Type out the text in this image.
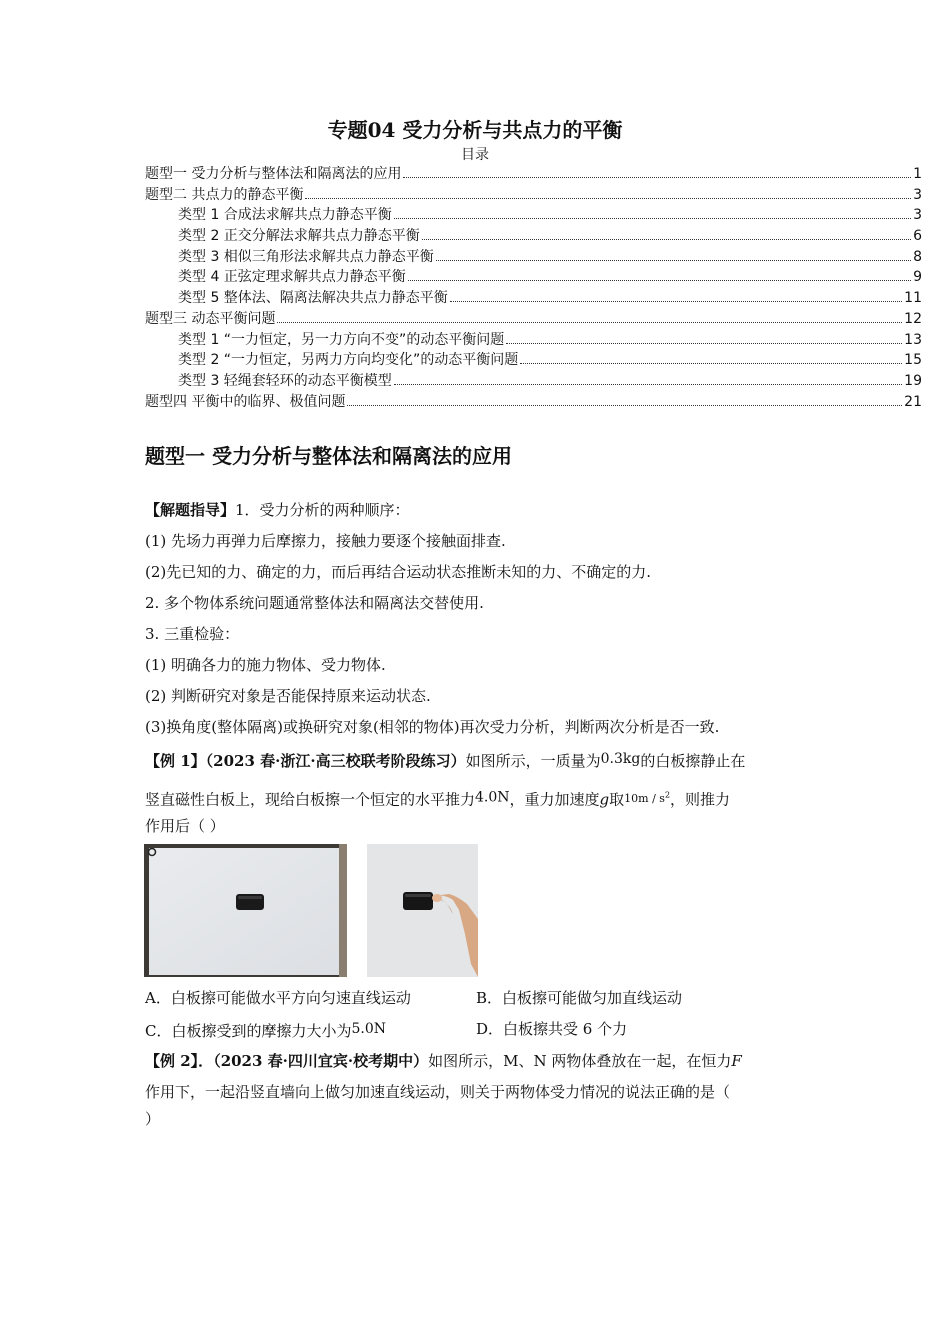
专题04 受力分析与共点力的平衡
目录
题型一 受力分析与整体法和隔离法的应用	1
题型二 共点力的静态平衡	3
类型 1 合成法求解共点力静态平衡	3
类型 2 正交分解法求解共点力静态平衡	6
类型 3 相似三角形法求解共点力静态平衡	8
类型 4 正弦定理求解共点力静态平衡	9
类型 5 整体法、隔离法解决共点力静态平衡	11
题型三 动态平衡问题	12
类型 1 “一力恒定，另一力方向不变”的动态平衡问题	13
类型 2 “一力恒定，另两力方向均变化”的动态平衡问题	15
类型 3 轻绳套轻环的动态平衡模型	19
题型四 平衡中的临界、极值问题	21
题型一 受力分析与整体法和隔离法的应用
【解题指导】1．受力分析的两种顺序：
(1) 先场力再弹力后摩擦力，接触力要逐个接触面排查.
(2)先已知的力、确定的力，而后再结合运动状态推断未知的力、不确定的力.
2. 多个物体系统问题通常整体法和隔离法交替使用.
3. 三重检验：
(1) 明确各力的施力物体、受力物体.
(2) 判断研究对象是否能保持原来运动状态.
(3)换角度(整体隔离)或换研究对象(相邻的物体)再次受力分析，判断两次分析是否一致.
【例 1】（2023 春·浙江·高三校联考阶段练习）如图所示，一质量为0.3kg的白板擦静止在
竖直磁性白板上，现给白板擦一个恒定的水平推力4.0N，重力加速度g取$^{10m / s^2}$，则推力
作用后（ ）
A．白板擦可能做水平方向匀速直线运动	B．白板擦可能做匀加直线运动
C．白板擦受到的摩擦力大小为5.0N	D．白板擦共受 6 个力
【例 2】．（2023 春·四川宜宾·校考期中）如图所示，M、N 两物体叠放在一起，在恒力F
作用下，一起沿竖直墙向上做匀加速直线运动，则关于两物体受力情况的说法正确的是（
）
